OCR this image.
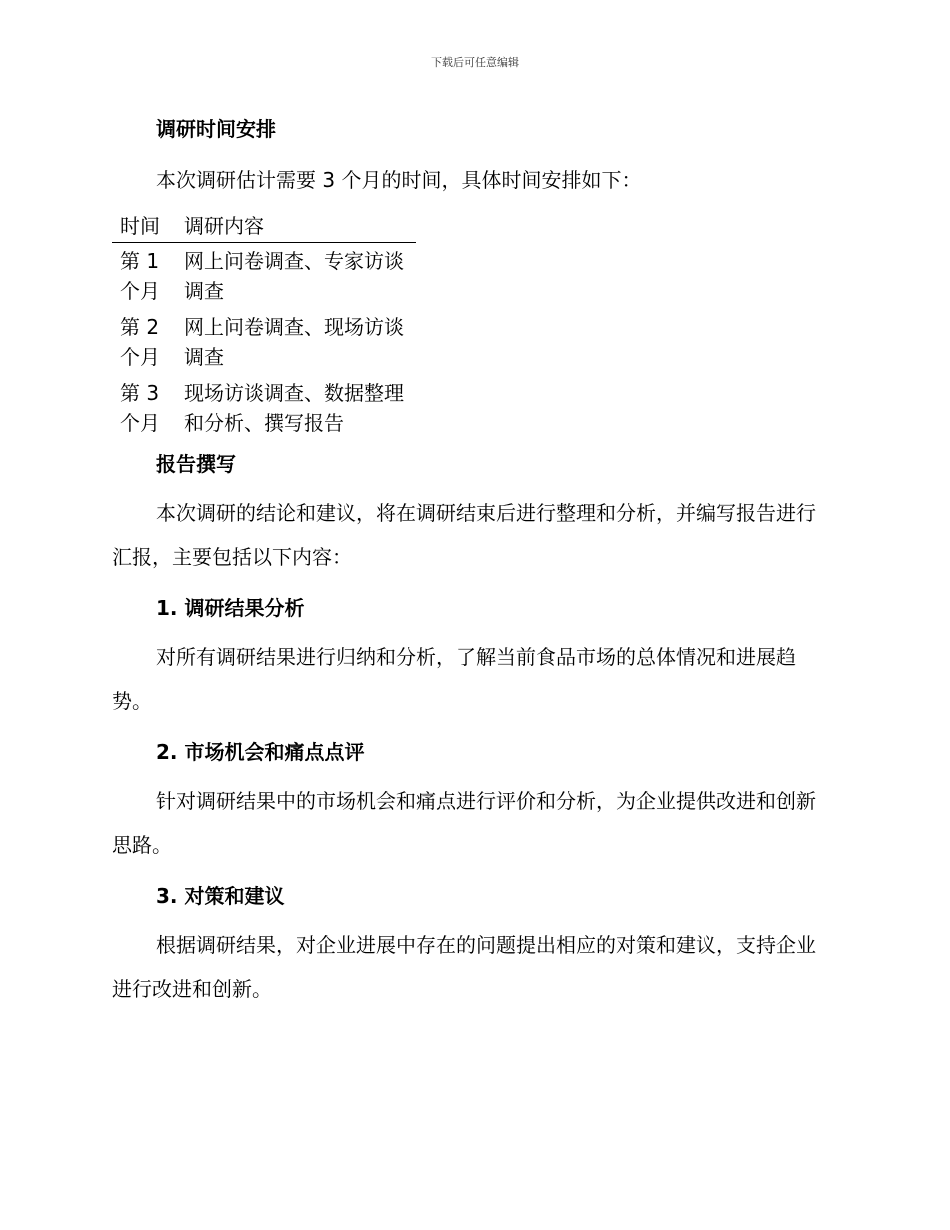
下载后可任意编辑

调研时间安排

本次调研估计需要 3 个月的时间，具体时间安排如下：

时间	调研内容
第 1 个月	网上问卷调查、专家访谈调查
第 2 个月	网上问卷调查、现场访谈调查
第 3 个月	现场访谈调查、数据整理和分析、撰写报告

报告撰写

本次调研的结论和建议，将在调研结束后进行整理和分析，并编写报告进行汇报，主要包括以下内容：

1. 调研结果分析

对所有调研结果进行归纳和分析，了解当前食品市场的总体情况和进展趋势。

2. 市场机会和痛点点评

针对调研结果中的市场机会和痛点进行评价和分析，为企业提供改进和创新思路。

3. 对策和建议

根据调研结果，对企业进展中存在的问题提出相应的对策和建议，支持企业进行改进和创新。
